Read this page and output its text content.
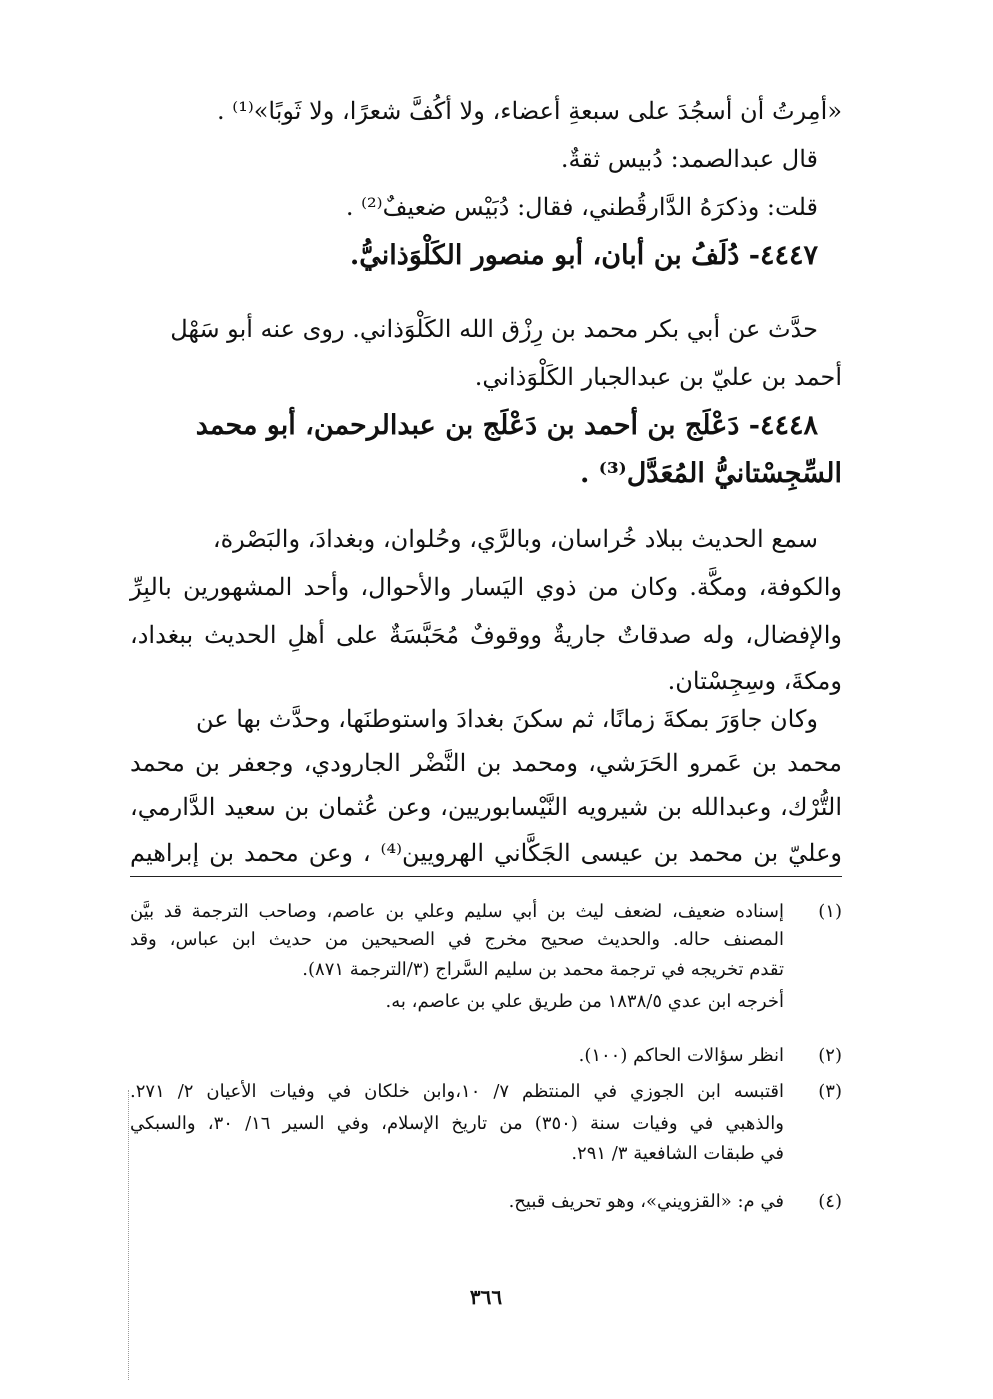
«أمِرتُ أن أسجُدَ على سبعةِ أعضاء، ولا أكُفَّ شعرًا، ولا ثَوبًا»⁽¹⁾ .
قال عبدالصمد: دُبيس ثقةٌ.
قلت: وذكرَهُ الدَّارقُطني، فقال: دُبَيْس ضعيفٌ⁽²⁾ .
٤٤٤٧- دُلَفُ بن أبان، أبو منصور الكَلْوَذانيُّ.
حدَّث عن أبي بكر محمد بن رِزْق الله الكَلْوَذاني. روى عنه أبو سَهْل
أحمد بن عليّ بن عبدالجبار الكَلْوَذاني.
٤٤٤٨- دَعْلَج بن أحمد بن دَعْلَج بن عبدالرحمن، أبو محمد
السِّجِسْتانيُّ المُعَدَّل⁽³⁾ .
سمع الحديث ببلاد خُراسان، وبالرَّي، وحُلوان، وبغدادَ، والبَصْرة،
والكوفة، ومكَّة. وكان من ذوي اليَسار والأحوال، وأحد المشهورين بالبِرِّ
والإفضال، وله صدقاتٌ جاريةٌ ووقوفٌ مُحَبَّسَةٌ على أهلِ الحديث ببغداد،
ومكةَ، وسِجِسْتان.
وكان جاوَرَ بمكةَ زمانًا، ثم سكنَ بغدادَ واستوطنَها، وحدَّث بها عن
محمد بن عَمرو الحَرَشي، ومحمد بن النَّضْر الجارودي، وجعفر بن محمد
التُّرْك، وعبدالله بن شيرويه النَّيْسابوريين، وعن عُثمان بن سعيد الدَّارمي،
وعليّ بن محمد بن عيسى الجَكَّاني الهرويين⁽⁴⁾ ، وعن محمد بن إبراهيم
(١)
إسناده ضعيف، لضعف ليث بن أبي سليم وعلي بن عاصم، وصاحب الترجمة قد بيَّن
المصنف حاله. والحديث صحيح مخرج في الصحيحين من حديث ابن عباس، وقد
تقدم تخريجه في ترجمة محمد بن سليم السَّراج (٣/الترجمة ٨٧١).
أخرجه ابن عدي ١٨٣٨/٥ من طريق علي بن عاصم، به.
(٢)
انظر سؤالات الحاكم (١٠٠).
(٣)
اقتبسه ابن الجوزي في المنتظم ٧/ ١٠،وابن خلكان في وفيات الأعيان ٢/ ٢٧١.
والذهبي في وفيات سنة (٣٥٠) من تاريخ الإسلام، وفي السير ١٦/ ٣٠، والسبكي
في طبقات الشافعية ٣/ ٢٩١.
(٤)
في م: «القزويني»، وهو تحريف قبيح.
٣٦٦
